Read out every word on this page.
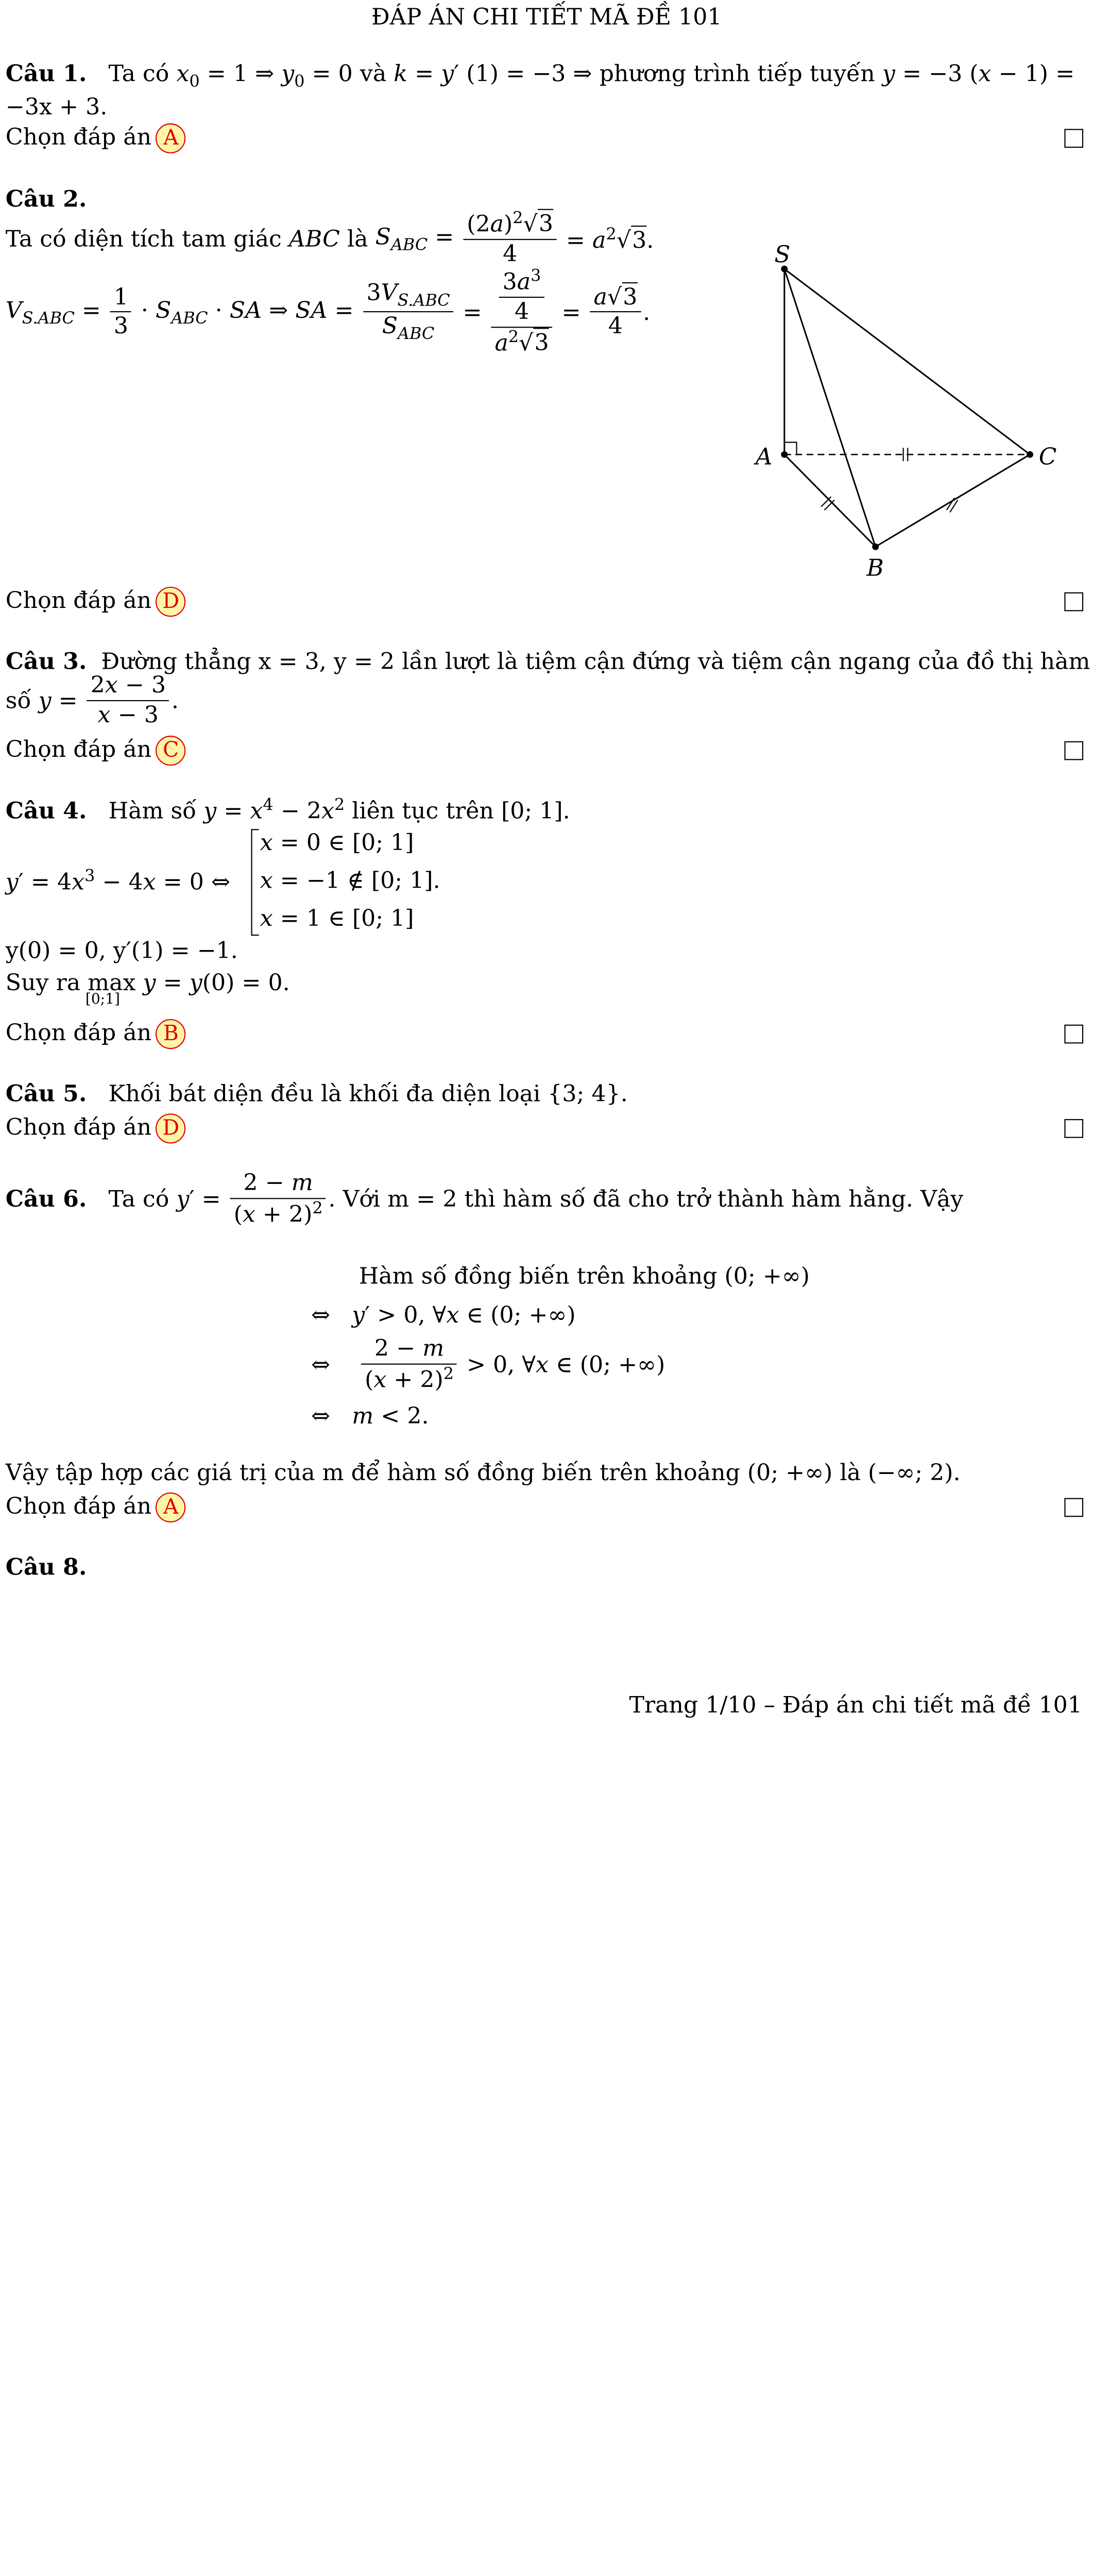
ĐÁP ÁN CHI TIẾT MÃ ĐỀ 101
Câu 1. Ta có $x_0 = 1$ ⇒ $y_0 = 0$ và k = y′ (1) = −3 ⇒ phương trình tiếp tuyến y = −3 (x − 1) =
−3x + 3.
Chọn đáp án A
Câu 2.
Ta có diện tích tam giác ABC là $S_{ABC} = \frac{(2a)^2√ 3}{4} = a^2√$ 3.
$V_{S.ABC} = \frac{1}{3} \cdot S_{ABC}$ · SA ⇒ SA = $\frac{3V_{S.ABC}}{S_{ABC}} = \frac{\frac{3a^3}{4}}{a^2√ 3} = \frac{a√ 3}{4}$ .
S
A
B
C
Chọn đáp án D
Câu 3. Đường thẳng x = 3, y = 2 lần lượt là tiệm cận đứng và tiệm cận ngang của đồ thị hàm
số $y = \frac{2x - 3}{x - 3}$ .
Chọn đáp án C
Câu 4. Hàm số $y = x^4 - 2x^2$ liên tục trên [0; 1].
$y' = 4x^3 - 4x = 0$ ⇔
x = 0 ∈ [0; 1]
x = −1 ∉ [0; 1].
x = 1 ∈ [0; 1]
y(0) = 0, y′(1) = −1.
Suy ra max
[0;1]
y = y(0) = 0.
Chọn đáp án B
Câu 5. Khối bát diện đều là khối đa diện loại {3; 4}.
Chọn đáp án D
Câu 6. Ta có $y' = \frac{2 - m}{(x + 2)^2}$ . Với m = 2 thì hàm số đã cho trở thành hàm hằng. Vậy
Hàm số đồng biến trên khoảng (0; +∞)
⇔   y′ > 0, ∀x ∈ (0; +∞)
⇔ $\frac{2 - m}{(x + 2)^2} > 0$, ∀x ∈ (0; +∞)
⇔   m < 2.
Vậy tập hợp các giá trị của m để hàm số đồng biến trên khoảng (0; +∞) là (−∞; 2).
Chọn đáp án A
Câu 8.
Trang 1/10 – Đáp án chi tiết mã đề 101
